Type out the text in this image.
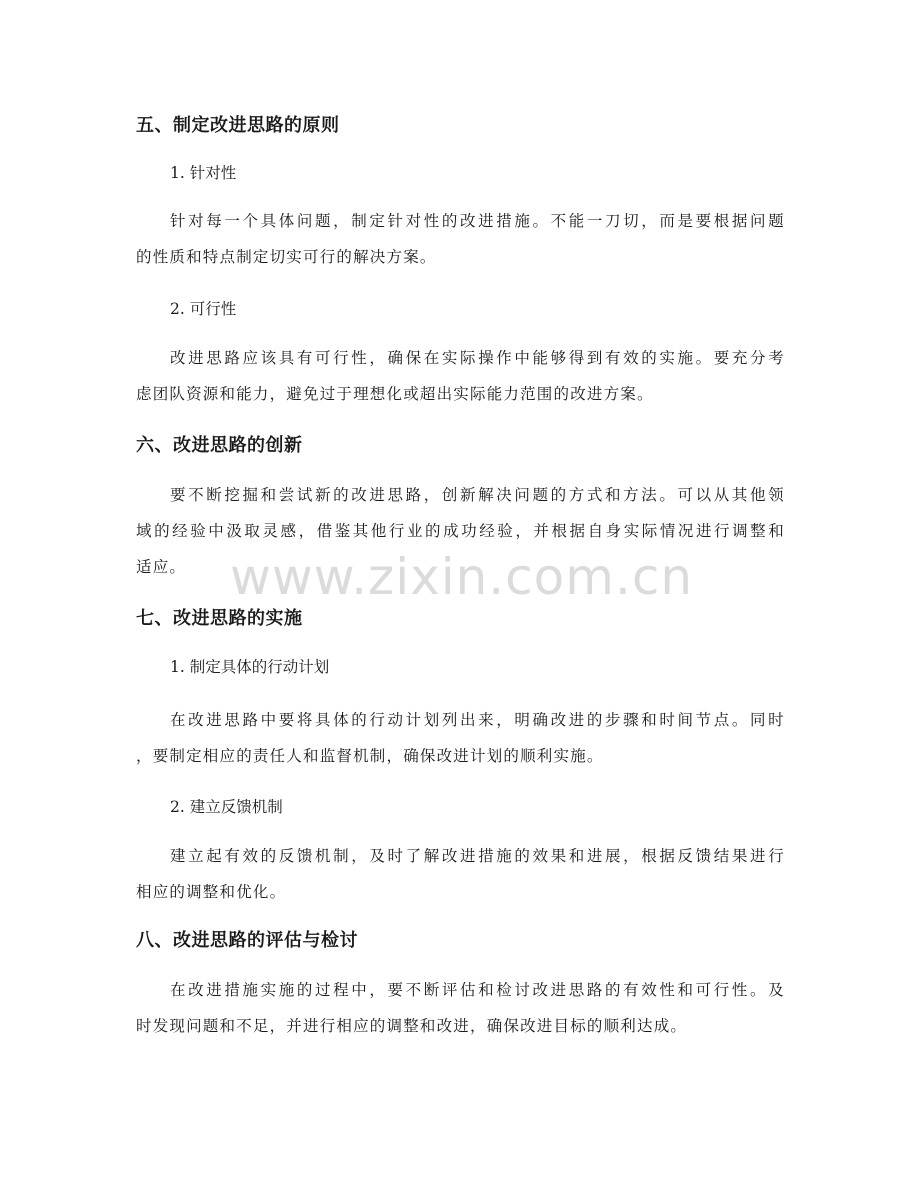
五、制定改进思路的原则
1. 针对性
针 对 每 一 个 具 体 问 题 ， 制 定 针 对 性 的 改 进 措 施 。 不 能 一 刀 切 ， 而 是 要 根 据 问 题
的性质和特点制定切实可行的解决方案。
2. 可行性
改 进 思 路 应 该 具 有 可 行 性 ， 确 保 在 实 际 操 作 中 能 够 得 到 有 效 的 实 施 。 要 充 分 考
虑团队资源和能力，避免过于理想化或超出实际能力范围的改进方案。
六、改进思路的创新
要 不 断 挖 掘 和 尝 试 新 的 改 进 思 路 ， 创 新 解 决 问 题 的 方 式 和 方 法 。 可 以 从 其 他 领
域 的 经 验 中 汲 取 灵 感 ， 借 鉴 其 他 行 业 的 成 功 经 验 ， 并 根 据 自 身 实 际 情 况 进 行 调 整 和
适应。
七、改进思路的实施
1. 制定具体的行动计划
在 改 进 思 路 中 要 将 具 体 的 行 动 计 划 列 出 来 ， 明 确 改 进 的 步 骤 和 时 间 节 点 。 同 时
，要制定相应的责任人和监督机制，确保改进计划的顺利实施。
2. 建立反馈机制
建 立 起 有 效 的 反 馈 机 制 ， 及 时 了 解 改 进 措 施 的 效 果 和 进 展 ， 根 据 反 馈 结 果 进 行
相应的调整和优化。
八、改进思路的评估与检讨
在 改 进 措 施 实 施 的 过 程 中 ， 要 不 断 评 估 和 检 讨 改 进 思 路 的 有 效 性 和 可 行 性 。 及
时发现问题和不足，并进行相应的调整和改进，确保改进目标的顺利达成。
www.zixin.com.cn
